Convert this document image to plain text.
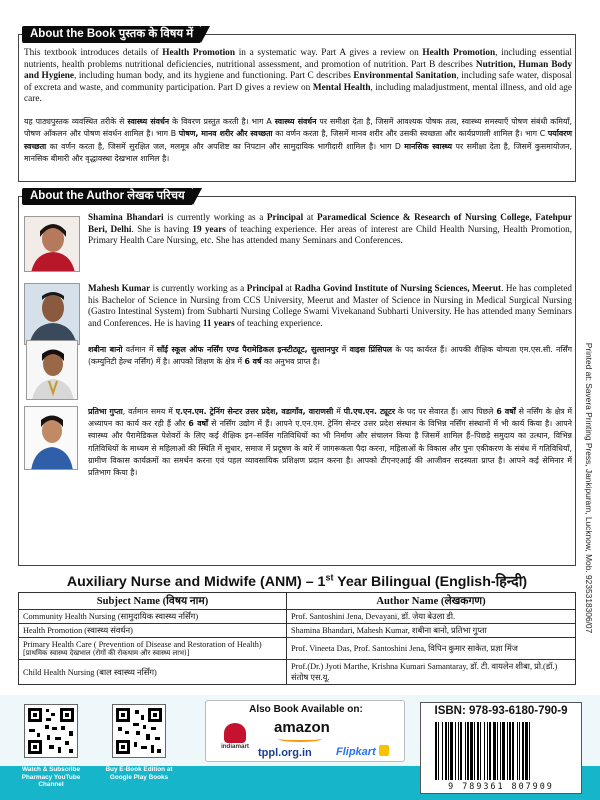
About the Book पुस्तक के विषय में
This textbook introduces details of Health Promotion in a systematic way. Part A gives a review on Health Promotion, including essential nutrients, health problems nutritional deficiencies, nutritional assessment, and promotion of nutrition. Part B describes Nutrition, Human Body and Hygiene, including human body, and its hygiene and functioning. Part C describes Environmental Sanitation, including safe water, disposal of excreta and waste, and community participation. Part D gives a review on Mental Health, including maladjustment, mental illness, and old age care.
यह पाठ्यपुस्तक व्यवस्थित तरीके से स्वास्थ्य संवर्धन के विवरण प्रस्तुत करती है। भाग A स्वास्थ्य संवर्धन पर समीक्षा देता है, जिसमें आवश्यक पोषक तत्व, स्वास्थ्य समस्याएँ पोषण संबंधी कमियाँ, पोषण आँकलन और पोषण संवर्धन शामिल है। भाग B पोषण, मानव शरीर और स्वच्छता का वर्णन करता है, जिसमें मानव शरीर और उसकी स्वच्छता और कार्यप्रणाली शामिल है। भाग C पर्यावरण स्वच्छता का वर्णन करता है, जिसमें सुरक्षित जल, मलमूत्र और अपशिष्ट का निपटान और सामुदायिक भागीदारी शामिल है। भाग D मानसिक स्वास्थ्य पर समीक्षा देता है, जिसमें कुसमायोजन, मानसिक बीमारी और वृद्धावस्था देखभाल शामिल है।
About the Author लेखक परिचय
Shamina Bhandari is currently working as a Principal at Paramedical Science & Research of Nursing College, Fatehpur Beri, Delhi. She is having 19 years of teaching experience. Her areas of interest are Child Health Nursing, Health Promotion, Primary Health Care Nursing, etc. She has attended many Seminars and Conferences.
Mahesh Kumar is currently working as a Principal at Radha Govind Institute of Nursing Sciences, Meerut. He has completed his Bachelor of Science in Nursing from CCS University, Meerut and Master of Science in Nursing in Medical Surgical Nursing (Gastro Intestinal System) from Subharti Nursing College Swami Vivekanand Subharti University. He has attended many Seminars and Conferences. He is having 11 years of teaching experience.
शबीना बानो वर्तमान में साँई स्कूल ऑफ नर्सिंग एण्ड पैरामेडिकल इन्स्टीट्यूट, सुल्तानपुर में वाइस प्रिंसिपल के पद कार्यरत हैं। आपकी शैक्षिक योग्यता एम.एस.सी. नर्सिंग (कम्युनिटी हेल्थ नर्सिंग) में है। आपको शिक्षण के क्षेत्र में 6 वर्ष का अनुभव प्राप्त है।
प्रतिभा गुप्ता, वर्तमान समय में ए.एन.एम. ट्रेनिंग सेन्टर उत्तर प्रदेश, वडागाँव, वाराणसी में पी.एच.एन. ट्यूटर के पद पर सेवारत हैं। आप पिछले 6 वर्षों से नर्सिंग के क्षेत्र में अध्यापन का कार्य कर रही हैं और 6 वर्षों से नर्सिंग उद्योग में हैं। आपने ए.एन.एम. ट्रेनिंग सेन्टर उत्तर प्रदेश संस्थान के विभिन्न नर्सिंग संस्थानों में भी कार्य किया है। आपने स्वास्थ्य और पैरामेडिकल पेशेवरों के लिए कई शैक्षिक इन–सर्विस गतिविधियों का भी निर्माण और संचालन किया है जिसमें शामिल हैं–पिछड़े समुदाय का उत्थान, विभिन्न गतिविधियों के माध्यम से महिलाओं की स्थिति में सुधार, समाज में प्रदूषण के बारे में जागरूकता पैदा करना, महिलाओं के विकास और पुनः एकीकरण के संबंध में गतिविधियाँ, ग्रामीण विकास कार्यक्रमों का समर्थन करना एवं पहल व्यावसायिक प्रशिक्षण प्रदान करना है। आपको टीएनएआई की आजीवन सदस्यता प्राप्त है। आपने कई सेमिनार में प्रतिभाग किया है।	Printed at: Savera Printing Press, Jankipuram, Lucknow, Mob. 9235318306/07
Auxiliary Nurse and Midwife (ANM) – 1st Year Bilingual (English-हिन्दी)
Subject Name (विषय नाम)	Author Name (लेखकगण)
Community Health Nursing (सामुदायिक स्वास्थ्य नर्सिंग)	Prof. Santoshini Jena, Devayani, डॉ. जेया बेउला डी.
Health Promotion (स्वास्थ्य संवर्धन)	Shamina Bhandari, Mahesh Kumar, शबीना बानो, प्रतिभा गुप्ता

Primary Health Care ( Prevention of Disease and Restoration of Health)
[प्राथमिक स्वास्थ्य देखभाल (रोगों की रोकथाम और स्वास्थ्य लाभ)]	Prof. Vineeta Das, Prof. Santoshini Jena, विपिन कुमार साकेत, प्रज्ञा मिंज
Child Health Nursing (बाल स्वास्थ्य नर्सिंग)	Prof.(Dr.) Jyoti Marthe, Krishna Kumari Samantaray, डॉ. टी. वायलेन शीबा, प्रो.(डॉ.) संतोष एस.यू.
Watch & Subscribe Pharmacy YouTube Channel
Buy E-Book Edition at Google Play Books
Also Book Available on:
indiamart
amazon
tppl.org.in Flipkart
ISBN: 978-93-6180-790-9
9 789361 807909
